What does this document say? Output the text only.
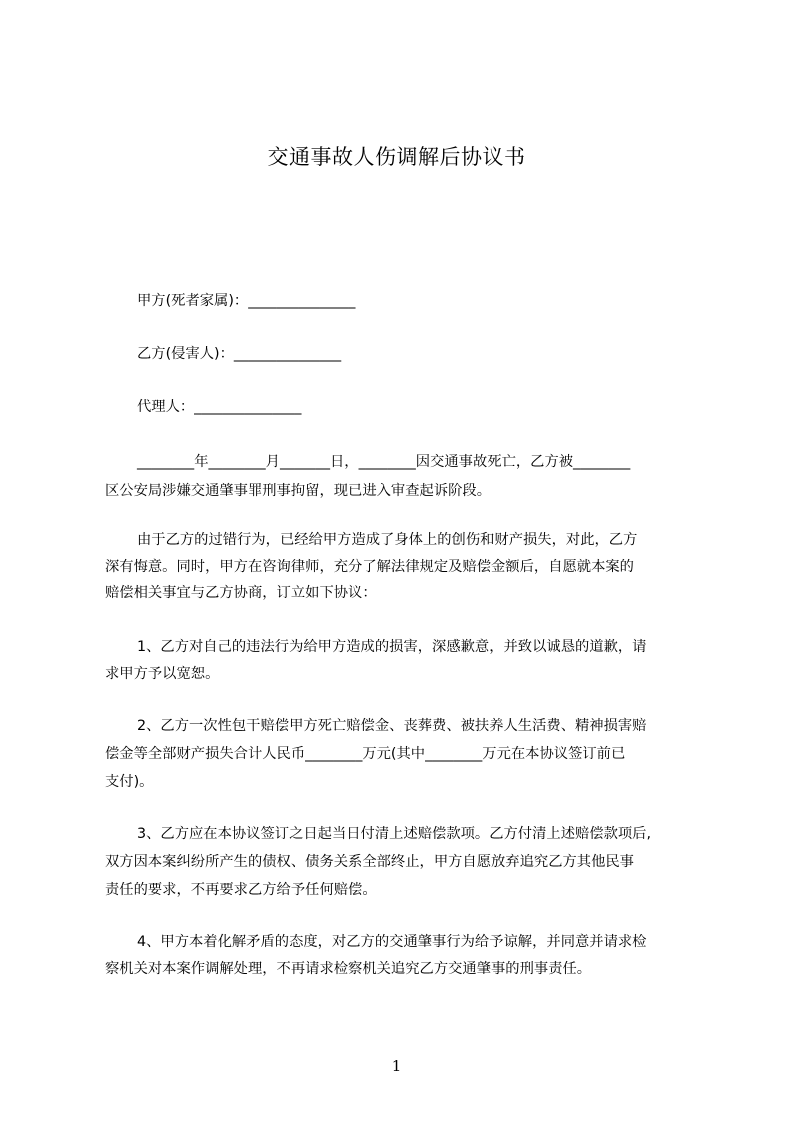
交通事故人伤调解后协议书
甲方(死者家属)：_______________
乙方(侵害人)：_______________
代理人：_______________
________年________月_______日，________因交通事故死亡，乙方被________
区公安局涉嫌交通肇事罪刑事拘留，现已进入审查起诉阶段。
由于乙方的过错行为，已经给甲方造成了身体上的创伤和财产损失，对此，乙方
深有悔意。同时，甲方在咨询律师，充分了解法律规定及赔偿金额后，自愿就本案的
赔偿相关事宜与乙方协商，订立如下协议：
1、乙方对自己的违法行为给甲方造成的损害，深感歉意，并致以诚恳的道歉，请
求甲方予以宽恕。
2、乙方一次性包干赔偿甲方死亡赔偿金、丧葬费、被扶养人生活费、精神损害赔
偿金等全部财产损失合计人民币________万元(其中________万元在本协议签订前已
支付)。
3、乙方应在本协议签订之日起当日付清上述赔偿款项。乙方付清上述赔偿款项后,
双方因本案纠纷所产生的债权、债务关系全部终止，甲方自愿放弃追究乙方其他民事
责任的要求，不再要求乙方给予任何赔偿。
4、甲方本着化解矛盾的态度，对乙方的交通肇事行为给予谅解，并同意并请求检
察机关对本案作调解处理，不再请求检察机关追究乙方交通肇事的刑事责任。
1
